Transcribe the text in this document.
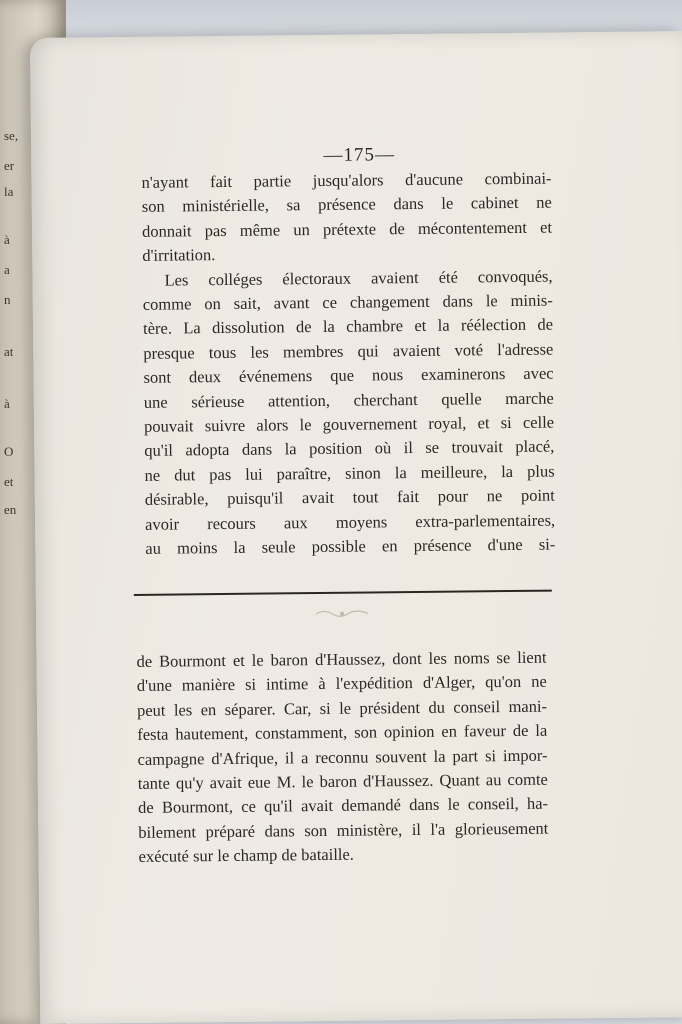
se,
er
la
à
a
n
at
à
O
et
en
—175—
n'ayant fait partie jusqu'alors d'aucune combinai-
son ministérielle, sa présence dans le cabinet ne
donnait pas même un prétexte de mécontentement et
d'irritation.
Les colléges électoraux avaient été convoqués,
comme on sait, avant ce changement dans le minis-
tère. La dissolution de la chambre et la réélection de
presque tous les membres qui avaient voté l'adresse
sont deux événemens que nous examinerons avec
une sérieuse attention, cherchant quelle marche
pouvait suivre alors le gouvernement royal, et si celle
qu'il adopta dans la position où il se trouvait placé,
ne dut pas lui paraître, sinon la meilleure, la plus
désirable, puisqu'il avait tout fait pour ne point
avoir recours aux moyens extra-parlementaires,
au moins la seule possible en présence d'une si-
de Bourmont et le baron d'Haussez, dont les noms se lient
d'une manière si intime à l'expédition d'Alger, qu'on ne
peut les en séparer. Car, si le président du conseil mani-
festa hautement, constamment, son opinion en faveur de la
campagne d'Afrique, il a reconnu souvent la part si impor-
tante qu'y avait eue M. le baron d'Haussez. Quant au comte
de Bourmont, ce qu'il avait demandé dans le conseil, ha-
bilement préparé dans son ministère, il l'a glorieusement
exécuté sur le champ de bataille.
